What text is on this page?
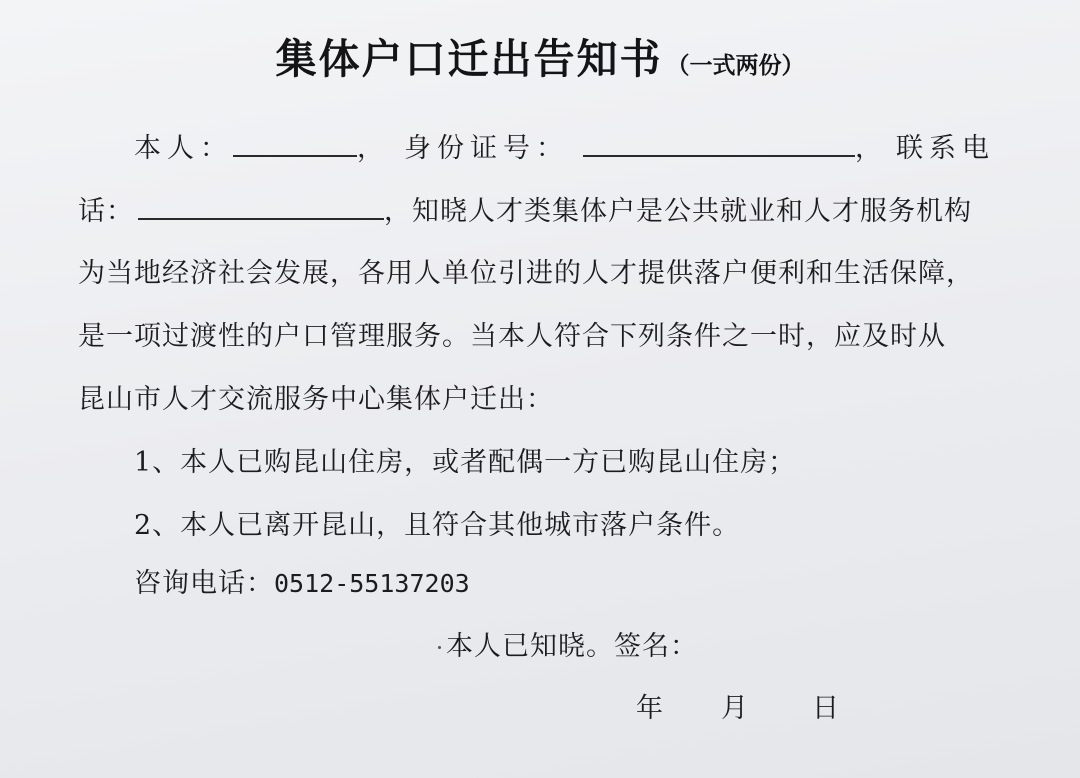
集体户口迁出告知书 （一式两份）
本人：	， 身份证号：	， 联系电
话：	，知晓人才类集体户是公共就业和人才服务机构
为当地经济社会发展，各用人单位引进的人才提供落户便利和生活保障，
是一项过渡性的户口管理服务。当本人符合下列条件之一时，应及时从
昆山市人才交流服务中心集体户迁出：
1、本人已购昆山住房，或者配偶一方已购昆山住房；
2、本人已离开昆山，且符合其他城市落户条件。
咨询电话：0512-55137203
本人已知晓。签名：
年 月 日
